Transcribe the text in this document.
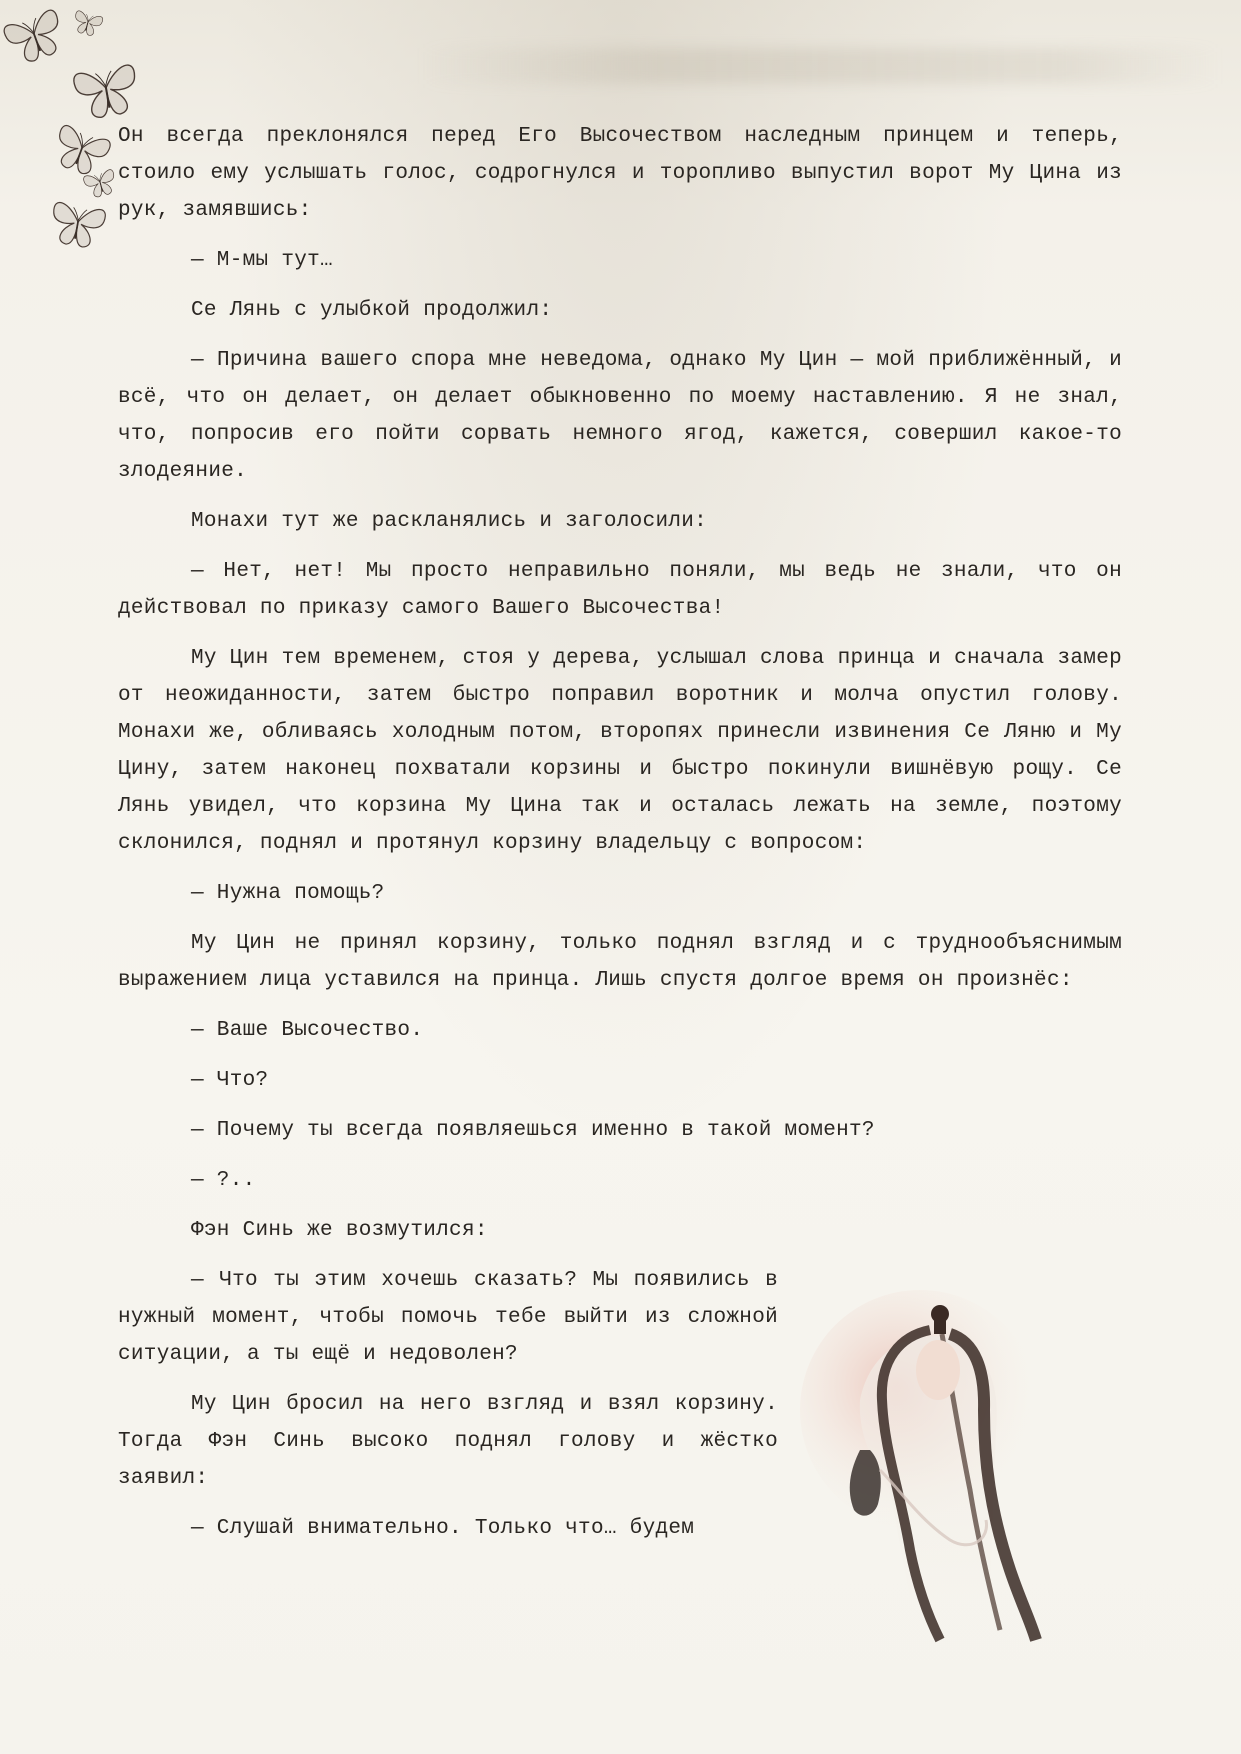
Он всегда преклонялся перед Его Высочеством наследным принцем и теперь, стоило ему услышать голос, содрогнулся и торопливо выпустил ворот Му Цина из рук, замявшись:

— М-мы тут…

Се Лянь с улыбкой продолжил:

— Причина вашего спора мне неведома, однако Му Цин — мой приближённый, и всё, что он делает, он делает обыкновенно по моему наставлению. Я не знал, что, попросив его пойти сорвать немного ягод, кажется, совершил какое-то злодеяние.

Монахи тут же раскланялись и заголосили:

— Нет, нет! Мы просто неправильно поняли, мы ведь не знали, что он действовал по приказу самого Вашего Высочества!

Му Цин тем временем, стоя у дерева, услышал слова принца и сначала замер от неожиданности, затем быстро поправил воротник и молча опустил голову. Монахи же, обливаясь холодным потом, второпях принесли извинения Се Ляню и Му Цину, затем наконец похватали корзины и быстро покинули вишнёвую рощу. Се Лянь увидел, что корзина Му Цина так и осталась лежать на земле, поэтому склонился, поднял и протянул корзину владельцу с вопросом:

— Нужна помощь?

Му Цин не принял корзину, только поднял взгляд и с труднообъяснимым выражением лица уставился на принца. Лишь спустя долгое время он произнёс:

— Ваше Высочество.

— Что?

— Почему ты всегда появляешься именно в такой момент?

— ?..

Фэн Синь же возмутился:

— Что ты этим хочешь сказать? Мы появились в нужный момент, чтобы помочь тебе выйти из сложной ситуации, а ты ещё и недоволен?

Му Цин бросил на него взгляд и взял корзину. Тогда Фэн Синь высоко поднял голову и жёстко заявил:

— Слушай внимательно. Только что… будем
